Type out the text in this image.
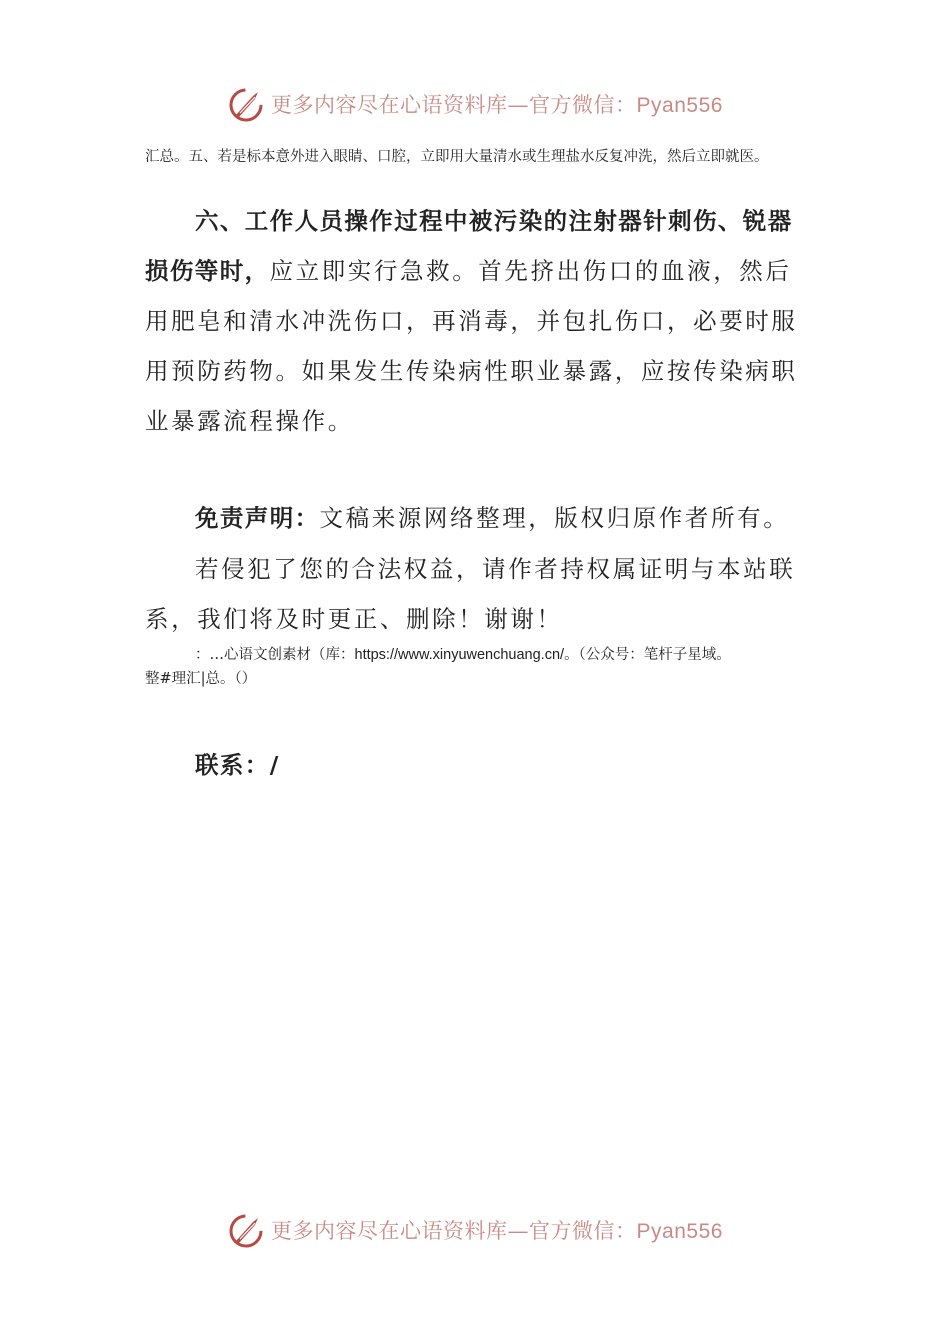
更多内容尽在心语资料库—官方微信：Pyan556
汇总。五、若是标本意外进入眼睛、口腔，立即用大量清水或生理盐水反复冲洗，然后立即就医。
六、工作人员操作过程中被污染的注射器针刺伤、锐器损伤等时，应立即实行急救。首先挤出伤口的血液，然后用肥皂和清水冲洗伤口，再消毒，并包扎伤口，必要时服用预防药物。如果发生传染病性职业暴露，应按传染病职业暴露流程操作。
免责声明：文稿来源网络整理，版权归原作者所有。
若侵犯了您的合法权益，请作者持权属证明与本站联系，我们将及时更正、删除！谢谢！
：…心语文创素材（库：https://www.xinyuwenchuang.cn/。（公众号：笔杆子星域。
整#理汇|总。（）
联系：/
更多内容尽在心语资料库—官方微信：Pyan556
